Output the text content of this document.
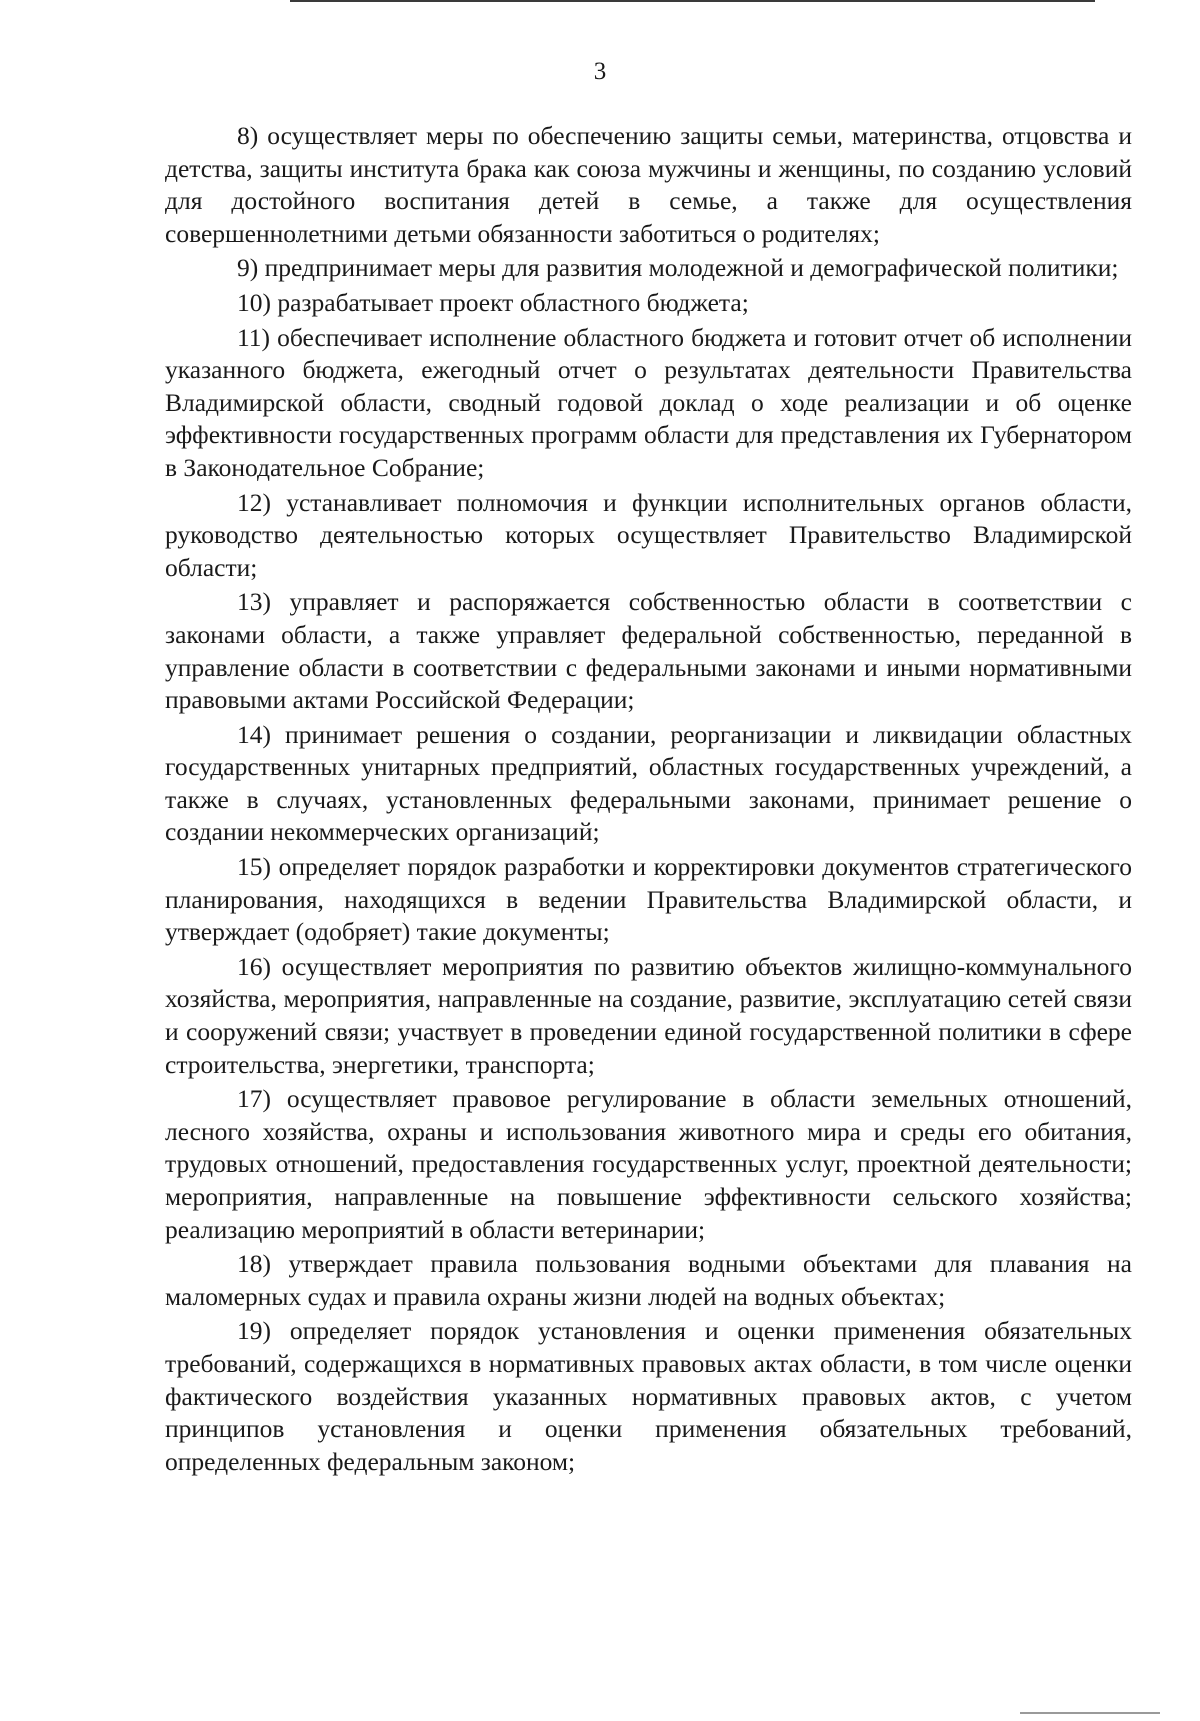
3

8) осуществляет меры по обеспечению защиты семьи, материнства, отцовства и детства, защиты института брака как союза мужчины и женщины, по созданию условий для достойного воспитания детей в семье, а также для осуществления совершеннолетними детьми обязанности заботиться о родителях;

9) предпринимает меры для развития молодежной и демографической политики;

10) разрабатывает проект областного бюджета;

11) обеспечивает исполнение областного бюджета и готовит отчет об исполнении указанного бюджета, ежегодный отчет о результатах деятельности Правительства Владимирской области, сводный годовой доклад о ходе реализации и об оценке эффективности государственных программ области для представления их Губернатором в Законодательное Собрание;

12) устанавливает полномочия и функции исполнительных органов области, руководство деятельностью которых осуществляет Правительство Владимирской области;

13) управляет и распоряжается собственностью области в соответствии с законами области, а также управляет федеральной собственностью, переданной в управление области в соответствии с федеральными законами и иными нормативными правовыми актами Российской Федерации;

14) принимает решения о создании, реорганизации и ликвидации областных государственных унитарных предприятий, областных государственных учреждений, а также в случаях, установленных федеральными законами, принимает решение о создании некоммерческих организаций;

15) определяет порядок разработки и корректировки документов стратегического планирования, находящихся в ведении Правительства Владимирской области, и утверждает (одобряет) такие документы;

16) осуществляет мероприятия по развитию объектов жилищно-коммунального хозяйства, мероприятия, направленные на создание, развитие, эксплуатацию сетей связи и сооружений связи; участвует в проведении единой государственной политики в сфере строительства, энергетики, транспорта;

17) осуществляет правовое регулирование в области земельных отношений, лесного хозяйства, охраны и использования животного мира и среды его обитания, трудовых отношений, предоставления государственных услуг, проектной деятельности; мероприятия, направленные на повышение эффективности сельского хозяйства; реализацию мероприятий в области ветеринарии;

18) утверждает правила пользования водными объектами для плавания на маломерных судах и правила охраны жизни людей на водных объектах;

19) определяет порядок установления и оценки применения обязательных требований, содержащихся в нормативных правовых актах области, в том числе оценки фактического воздействия указанных нормативных правовых актов, с учетом принципов установления и оценки применения обязательных требований, определенных федеральным законом;
